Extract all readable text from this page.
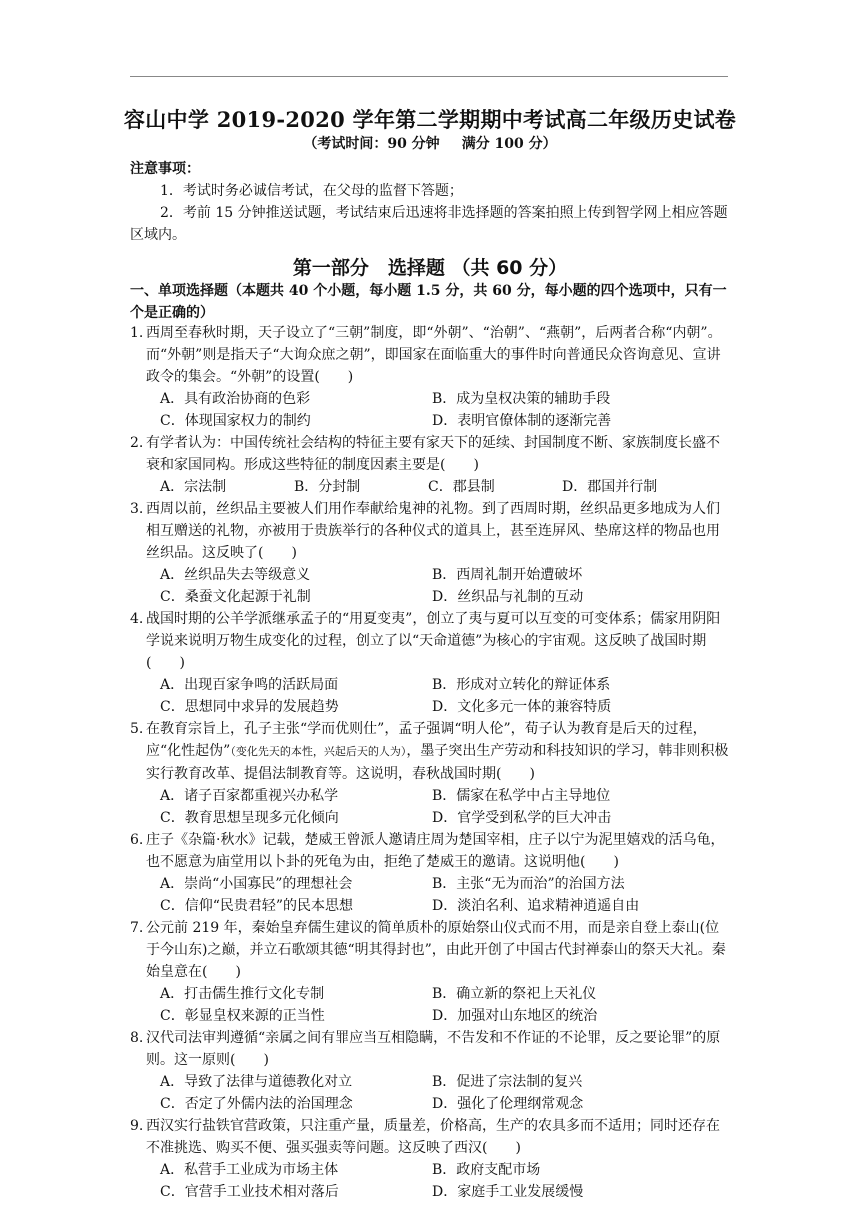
容山中学 2019-2020 学年第二学期期中考试高二年级历史试卷
（考试时间：90 分钟 满分 100 分）

注意事项：

1．考试时务必诚信考试，在父母的监督下答题；

2．考前 15 分钟推送试题，考试结束后迅速将非选择题的答案拍照上传到智学网上相应答题区域内。

第一部分　选择题 （共 60 分）
一、单项选择题（本题共 40 个小题，每小题 1.5 分，共 60 分，每小题的四个选项中，只有一个是正确的）

1. 西周至春秋时期，天子设立了“三朝”制度，即“外朝”、“治朝”、“燕朝”，后两者合称“内朝”。而“外朝”则是指天子“大询众庶之朝”，即国家在面临重大的事件时向普通民众咨询意见、宣讲政令的集会。“外朝”的设置(　　)

A．具有政治协商的色彩	B．成为皇权决策的辅助手段
C．体现国家权力的制约	D．表明官僚体制的逐渐完善

2. 有学者认为：中国传统社会结构的特征主要有家天下的延续、封国制度不断、家族制度长盛不衰和家国同构。形成这些特征的制度因素主要是(　　)

A．宗法制	B．分封制	C．郡县制	D．郡国并行制

3. 西周以前，丝织品主要被人们用作奉献给鬼神的礼物。到了西周时期，丝织品更多地成为人们相互赠送的礼物，亦被用于贵族举行的各种仪式的道具上，甚至连屏风、垫席这样的物品也用丝织品。这反映了(　　)

A．丝织品失去等级意义	B．西周礼制开始遭破坏
C．桑蚕文化起源于礼制	D．丝织品与礼制的互动

4. 战国时期的公羊学派继承孟子的“用夏变夷”，创立了夷与夏可以互变的可变体系；儒家用阴阳学说来说明万物生成变化的过程，创立了以“天命道德”为核心的宇宙观。这反映了战国时期(　　)

A．出现百家争鸣的活跃局面	B．形成对立转化的辩证体系
C．思想同中求异的发展趋势	D．文化多元一体的兼容特质

5. 在教育宗旨上，孔子主张“学而优则仕”，孟子强调“明人伦”，荀子认为教育是后天的过程，应“化性起伪”（变化先天的本性，兴起后天的人为），墨子突出生产劳动和科技知识的学习，韩非则积极实行教育改革、提倡法制教育等。这说明，春秋战国时期(　　)

A．诸子百家都重视兴办私学	B．儒家在私学中占主导地位
C．教育思想呈现多元化倾向	D．官学受到私学的巨大冲击

6. 庄子《杂篇·秋水》记载，楚威王曾派人邀请庄周为楚国宰相，庄子以宁为泥里嬉戏的活乌龟，也不愿意为庙堂用以卜卦的死龟为由，拒绝了楚威王的邀请。这说明他(　　)

A．崇尚“小国寡民”的理想社会	B．主张“无为而治”的治国方法
C．信仰“民贵君轻”的民本思想	D．淡泊名利、追求精神逍遥自由

7. 公元前 219 年，秦始皇弃儒生建议的简单质朴的原始祭山仪式而不用，而是亲自登上泰山(位于今山东)之巅，并立石歌颂其德“明其得封也”，由此开创了中国古代封禅泰山的祭天大礼。秦始皇意在(　　)

A．打击儒生推行文化专制	B．确立新的祭祀上天礼仪
C．彰显皇权来源的正当性	D．加强对山东地区的统治

8. 汉代司法审判遵循“亲属之间有罪应当互相隐瞒，不告发和不作证的不论罪，反之要论罪”的原则。这一原则(　　)

A．导致了法律与道德教化对立	B．促进了宗法制的复兴
C．否定了外儒内法的治国理念	D．强化了伦理纲常观念

9. 西汉实行盐铁官营政策，只注重产量，质量差，价格高，生产的农具多而不适用；同时还存在不准挑选、购买不便、强买强卖等问题。这反映了西汉(　　)

A．私营手工业成为市场主体	B．政府支配市场
C．官营手工业技术相对落后	D．家庭手工业发展缓慢
